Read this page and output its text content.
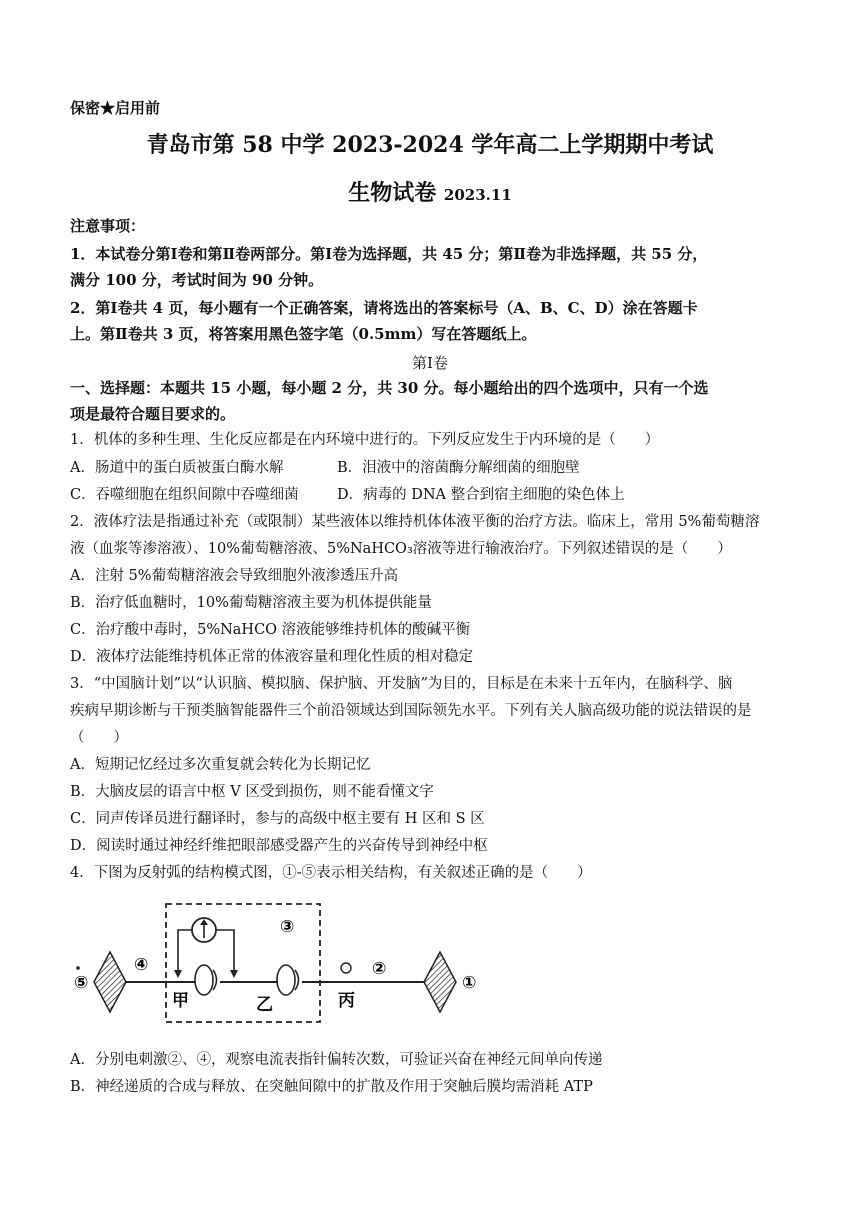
保密★启用前
青岛市第 58 中学 2023-2024 学年高二上学期期中考试
生物试卷 2023.11
注意事项：
1．本试卷分第Ⅰ卷和第Ⅱ卷两部分。第Ⅰ卷为选择题，共 45 分；第Ⅱ卷为非选择题，共 55 分，
满分 100 分，考试时间为 90 分钟。
2．第Ⅰ卷共 4 页，每小题有一个正确答案，请将选出的答案标号（A、B、C、D）涂在答题卡
上。第Ⅱ卷共 3 页，将答案用黑色签字笔（0.5mm）写在答题纸上。
第Ⅰ卷
一、选择题：本题共 15 小题，每小题 2 分，共 30 分。每小题给出的四个选项中，只有一个选
项是最符合题目要求的。
1．机体的多种生理、生化反应都是在内环境中进行的。下列反应发生于内环境的是（　　）
A．肠道中的蛋白质被蛋白酶水解	B．泪液中的溶菌酶分解细菌的细胞壁
C．吞噬细胞在组织间隙中吞噬细菌	D．病毒的 DNA 整合到宿主细胞的染色体上
2．液体疗法是指通过补充（或限制）某些液体以维持机体体液平衡的治疗方法。临床上，常用 5%葡萄糖溶
液（血浆等渗溶液）、10%葡萄糖溶液、5%NaHCO₃溶液等进行输液治疗。下列叙述错误的是（　　）
A．注射 5%葡萄糖溶液会导致细胞外液渗透压升高
B．治疗低血糖时，10%葡萄糖溶液主要为机体提供能量
C．治疗酸中毒时，5%NaHCO 溶液能够维持机体的酸碱平衡
D．液体疗法能维持机体正常的体液容量和理化性质的相对稳定
3．“中国脑计划”以“认识脑、模拟脑、保护脑、开发脑”为目的，目标是在未来十五年内，在脑科学、脑
疾病早期诊断与干预类脑智能器件三个前沿领域达到国际领先水平。下列有关人脑高级功能的说法错误的是
（　　）
A．短期记忆经过多次重复就会转化为长期记忆
B．大脑皮层的语言中枢 V 区受到损伤，则不能看懂文字
C．同声传译员进行翻译时，参与的高级中枢主要有 H 区和 S 区
D．阅读时通过神经纤维把眼部感受器产生的兴奋传导到神经中枢
4．下图为反射弧的结构模式图，①-⑤表示相关结构，有关叙述正确的是（　　）
⑤
④
③
②
①
甲	乙	丙
A．分别电刺激②、④，观察电流表指针偏转次数，可验证兴奋在神经元间单向传递
B．神经递质的合成与释放、在突触间隙中的扩散及作用于突触后膜均需消耗 ATP
